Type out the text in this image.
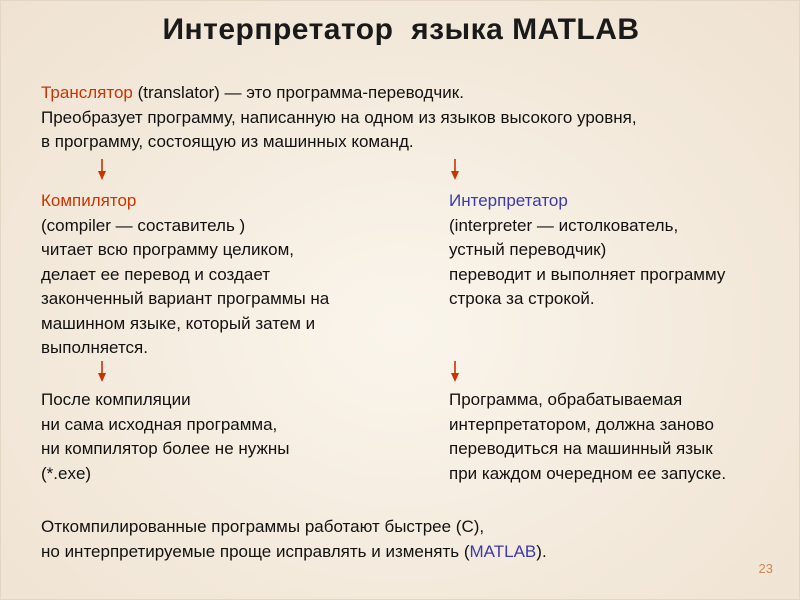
Интерпретатор  языка MATLAB
Транслятор (translator) — это программа-переводчик.
Преобразует программу, написанную на одном из языков высокого уровня,
в программу, состоящую из машинных команд.
Компилятор
(compiler — составитель )
читает всю программу целиком,
делает ее перевод и создает
законченный вариант программы на
машинном языке, который затем и
выполняется.
Интерпретатор
(interpreter — истолкователь,
устный переводчик)
переводит и выполняет программу
строка за строкой.
После компиляции
ни сама исходная программа,
ни компилятор более не нужны
(*.exe)
Программа, обрабатываемая
интерпретатором, должна заново
переводиться на машинный язык
при каждом очередном ее запуске.
Откомпилированные программы работают быстрее (С),
но интерпретируемые проще исправлять и изменять (MATLAB).
23
